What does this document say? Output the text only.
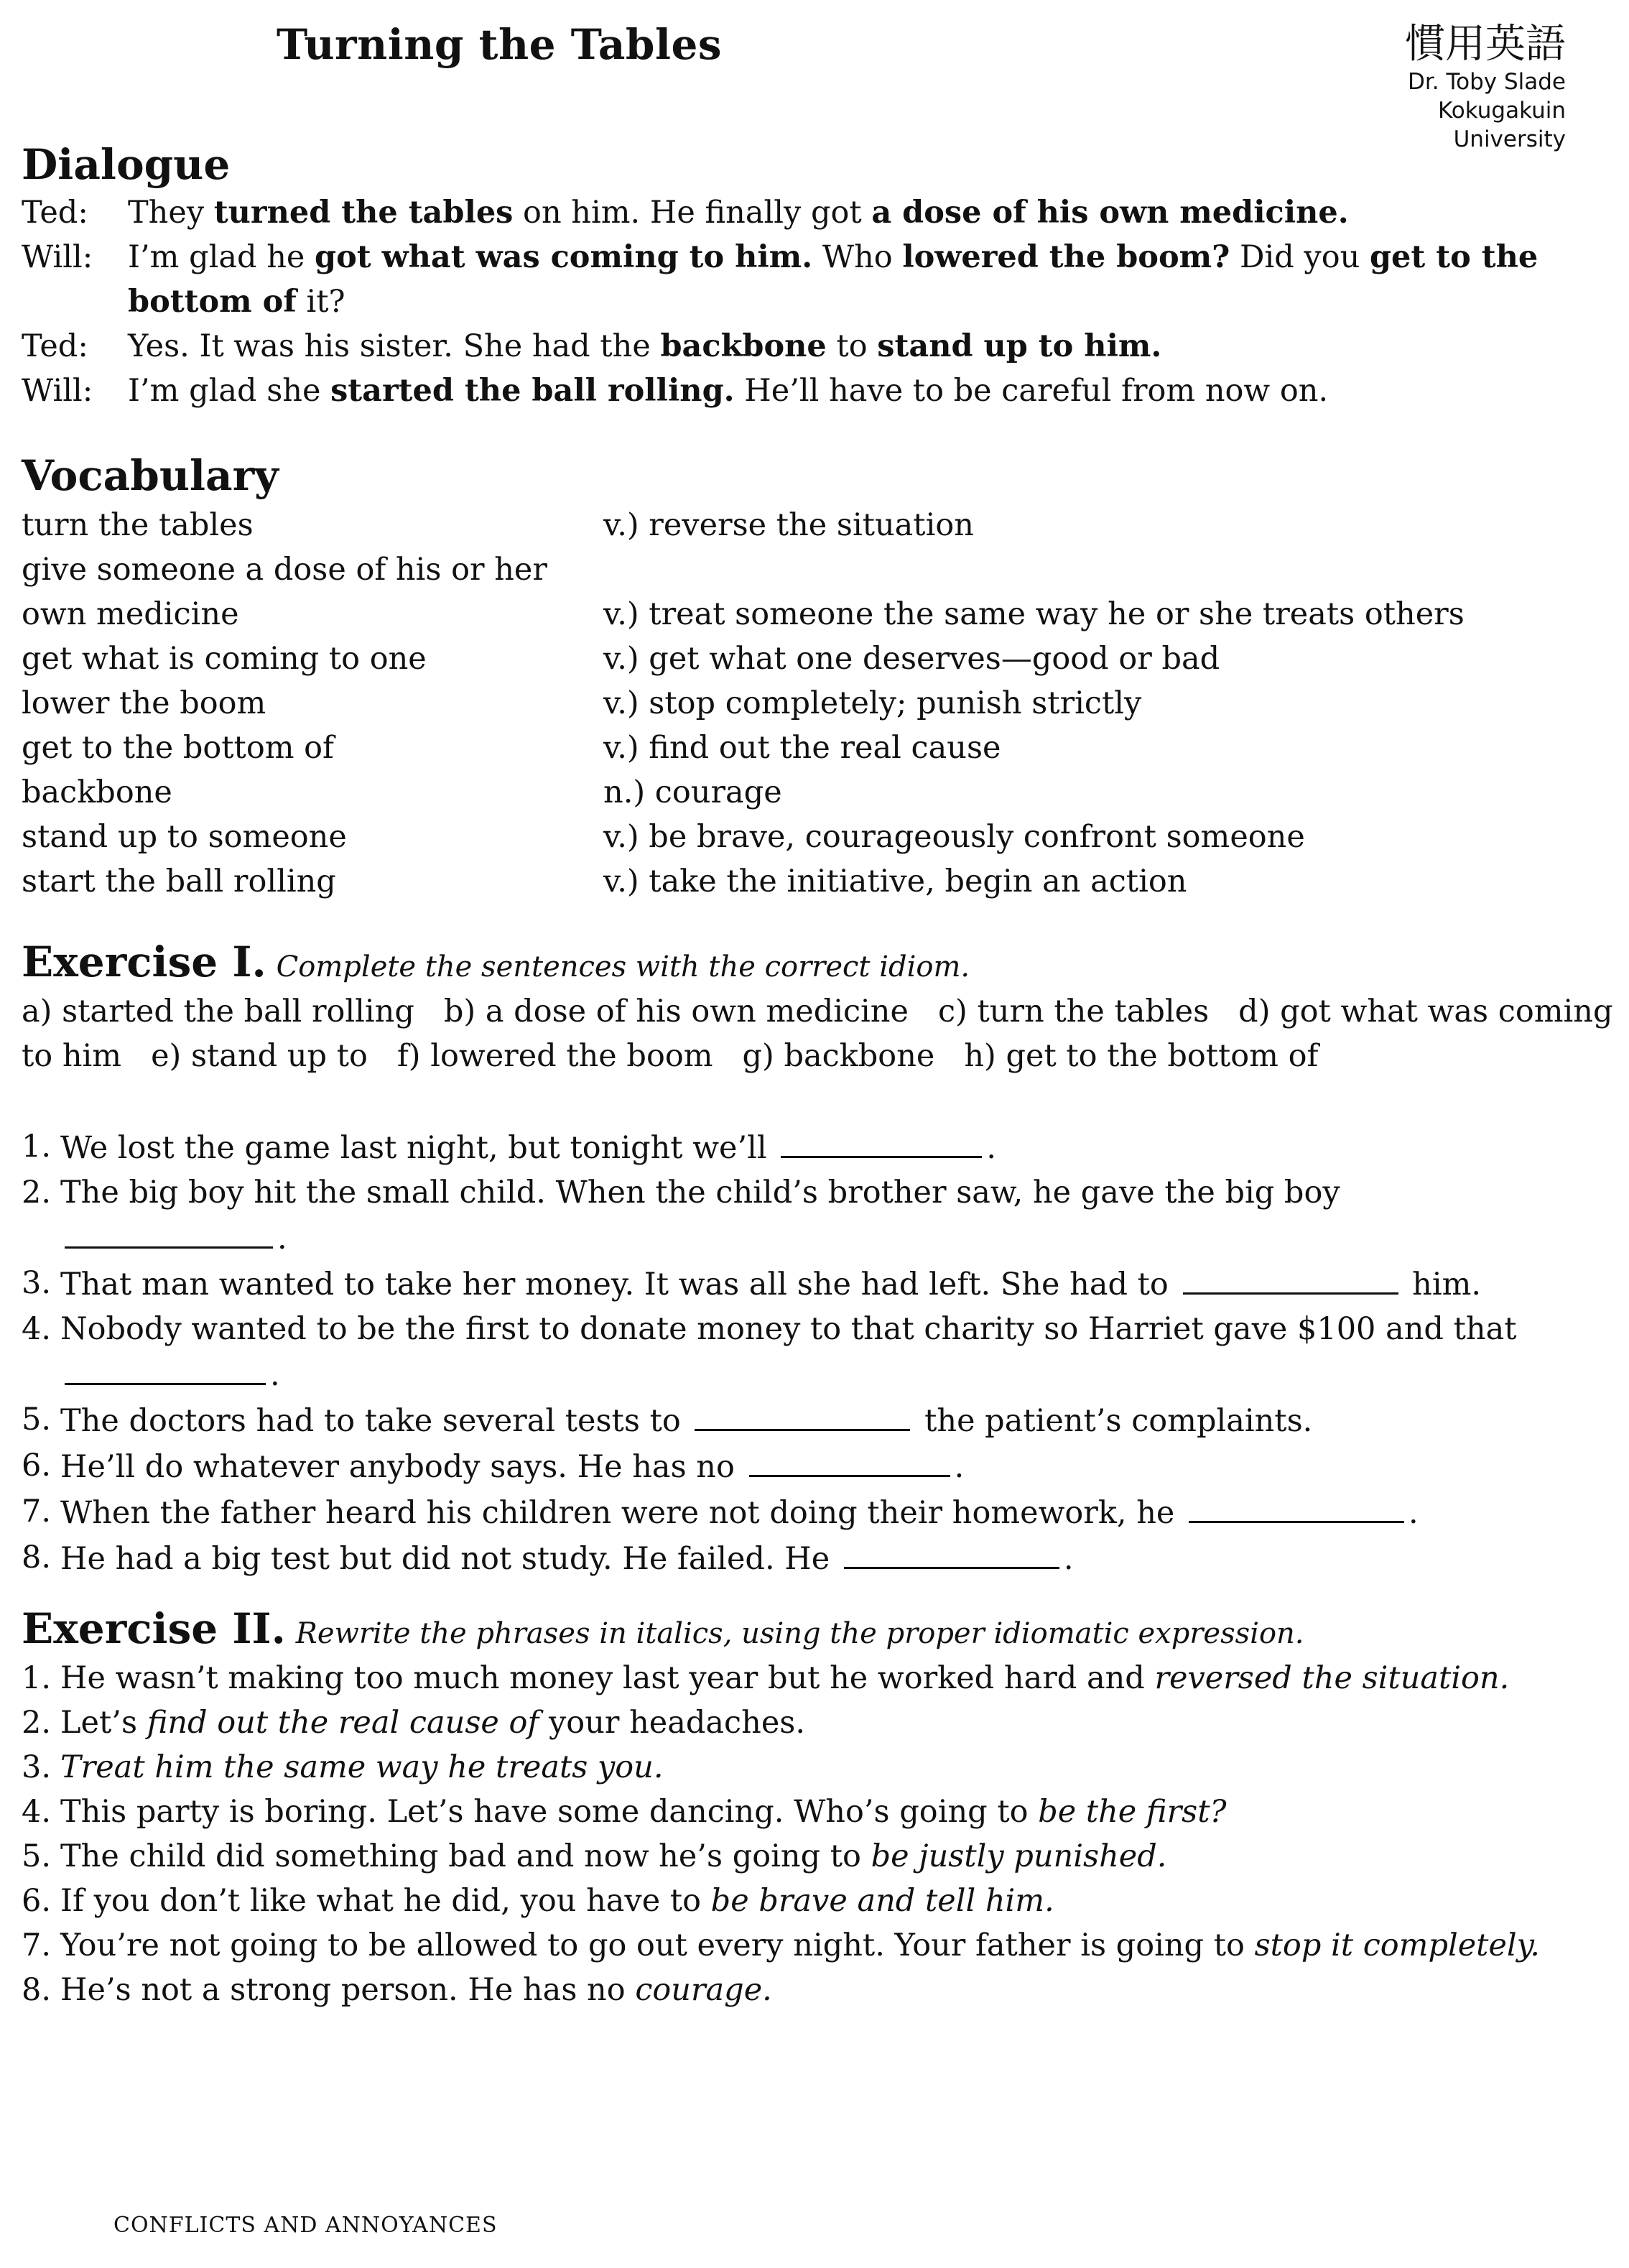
Turning the Tables	慣用英語
Dr. Toby Slade
Kokugakuin
University
Dialogue
Ted:	They turned the tables on him. He finally got a dose of his own medicine.
Will:	I’m glad he got what was coming to him. Who lowered the boom? Did you get to the bottom of it?
Ted:	Yes. It was his sister. She had the backbone to stand up to him.
Will:	I’m glad she started the ball rolling. He’ll have to be careful from now on.
Vocabulary
turn the tables	v.) reverse the situation
give someone a dose of his or her
own medicine	v.) treat someone the same way he or she treats others
get what is coming to one	v.) get what one deserves—good or bad
lower the boom	v.) stop completely; punish strictly
get to the bottom of	v.) find out the real cause
backbone	n.) courage
stand up to someone	v.) be brave, courageously confront someone
start the ball rolling	v.) take the initiative, begin an action
Exercise I. Complete the sentences with the correct idiom.
a) started the ball rolling   b) a dose of his own medicine   c) turn the tables   d) got what was coming
to him   e) stand up to   f) lowered the boom   g) backbone   h) get to the bottom of
1. We lost the game last night, but tonight we’ll	.
2. The big boy hit the small child. When the child’s brother saw, he gave the big boy
.
3. That man wanted to take her money. It was all she had left. She had to	him.
4. Nobody wanted to be the first to donate money to that charity so Harriet gave $100 and that
.
5. The doctors had to take several tests to	the patient’s complaints.
6. He’ll do whatever anybody says. He has no	.
7. When the father heard his children were not doing their homework, he	.
8. He had a big test but did not study. He failed. He	.
Exercise II. Rewrite the phrases in italics, using the proper idiomatic expression.
1. He wasn’t making too much money last year but he worked hard and reversed the situation.
2. Let’s find out the real cause of your headaches.
3. Treat him the same way he treats you.
4. This party is boring. Let’s have some dancing. Who’s going to be the first?
5. The child did something bad and now he’s going to be justly punished.
6. If you don’t like what he did, you have to be brave and tell him.
7. You’re not going to be allowed to go out every night. Your father is going to stop it completely.
8. He’s not a strong person. He has no courage.
CONFLICTS AND ANNOYANCES
